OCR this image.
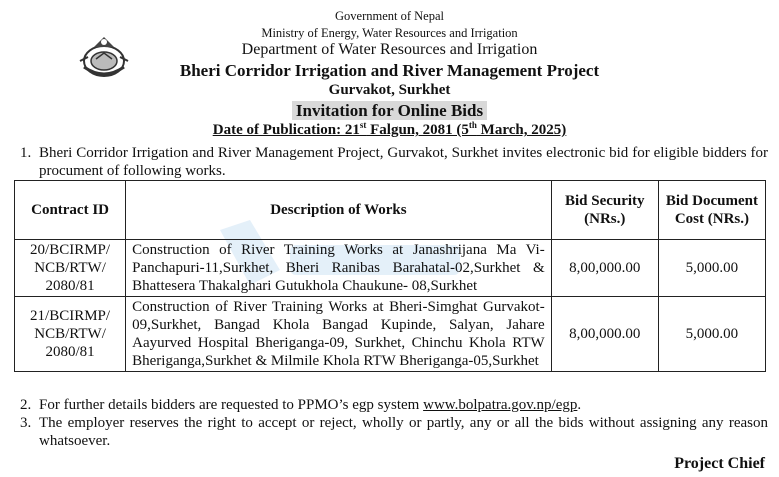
Government of Nepal
Ministry of Energy, Water Resources and Irrigation
Department of Water Resources and Irrigation
Bheri Corridor Irrigation and River Management Project
Gurvakot, Surkhet
Invitation for Online Bids
Date of Publication: 21st Falgun, 2081 (5th March, 2025)
1. Bheri Corridor Irrigation and River Management Project, Gurvakot, Surkhet invites electronic bid for eligible bidders for procument of following works.
Contract ID	Description of Works	Bid Security (NRs.)	Bid Document Cost (NRs.)
20/BCIRMP/ NCB/RTW/ 2080/81	Construction of River Training Works at Janashrijana Ma Vi-Panchapuri-11,Surkhet, Bheri Ranibas Barahatal-02,Surkhet & Bhattesera Thakalghari Gutukhola Chaukune- 08,Surkhet	8,00,000.00	5,000.00
21/BCIRMP/ NCB/RTW/ 2080/81	Construction of River Training Works at Bheri-Simghat Gurvakot-09,Surkhet, Bangad Khola Bangad Kupinde, Salyan, Jahare Aayurved Hospital Bheriganga-09, Surkhet, Chinchu Khola RTW Bheriganga,Surkhet & Milmile Khola RTW Bheriganga-05,Surkhet	8,00,000.00	5,000.00
2. For further details bidders are requested to PPMO’s egp system www.bolpatra.gov.np/egp.
3. The employer reserves the right to accept or reject, wholly or partly, any or all the bids without assigning any reason whatsoever.
Project Chief
